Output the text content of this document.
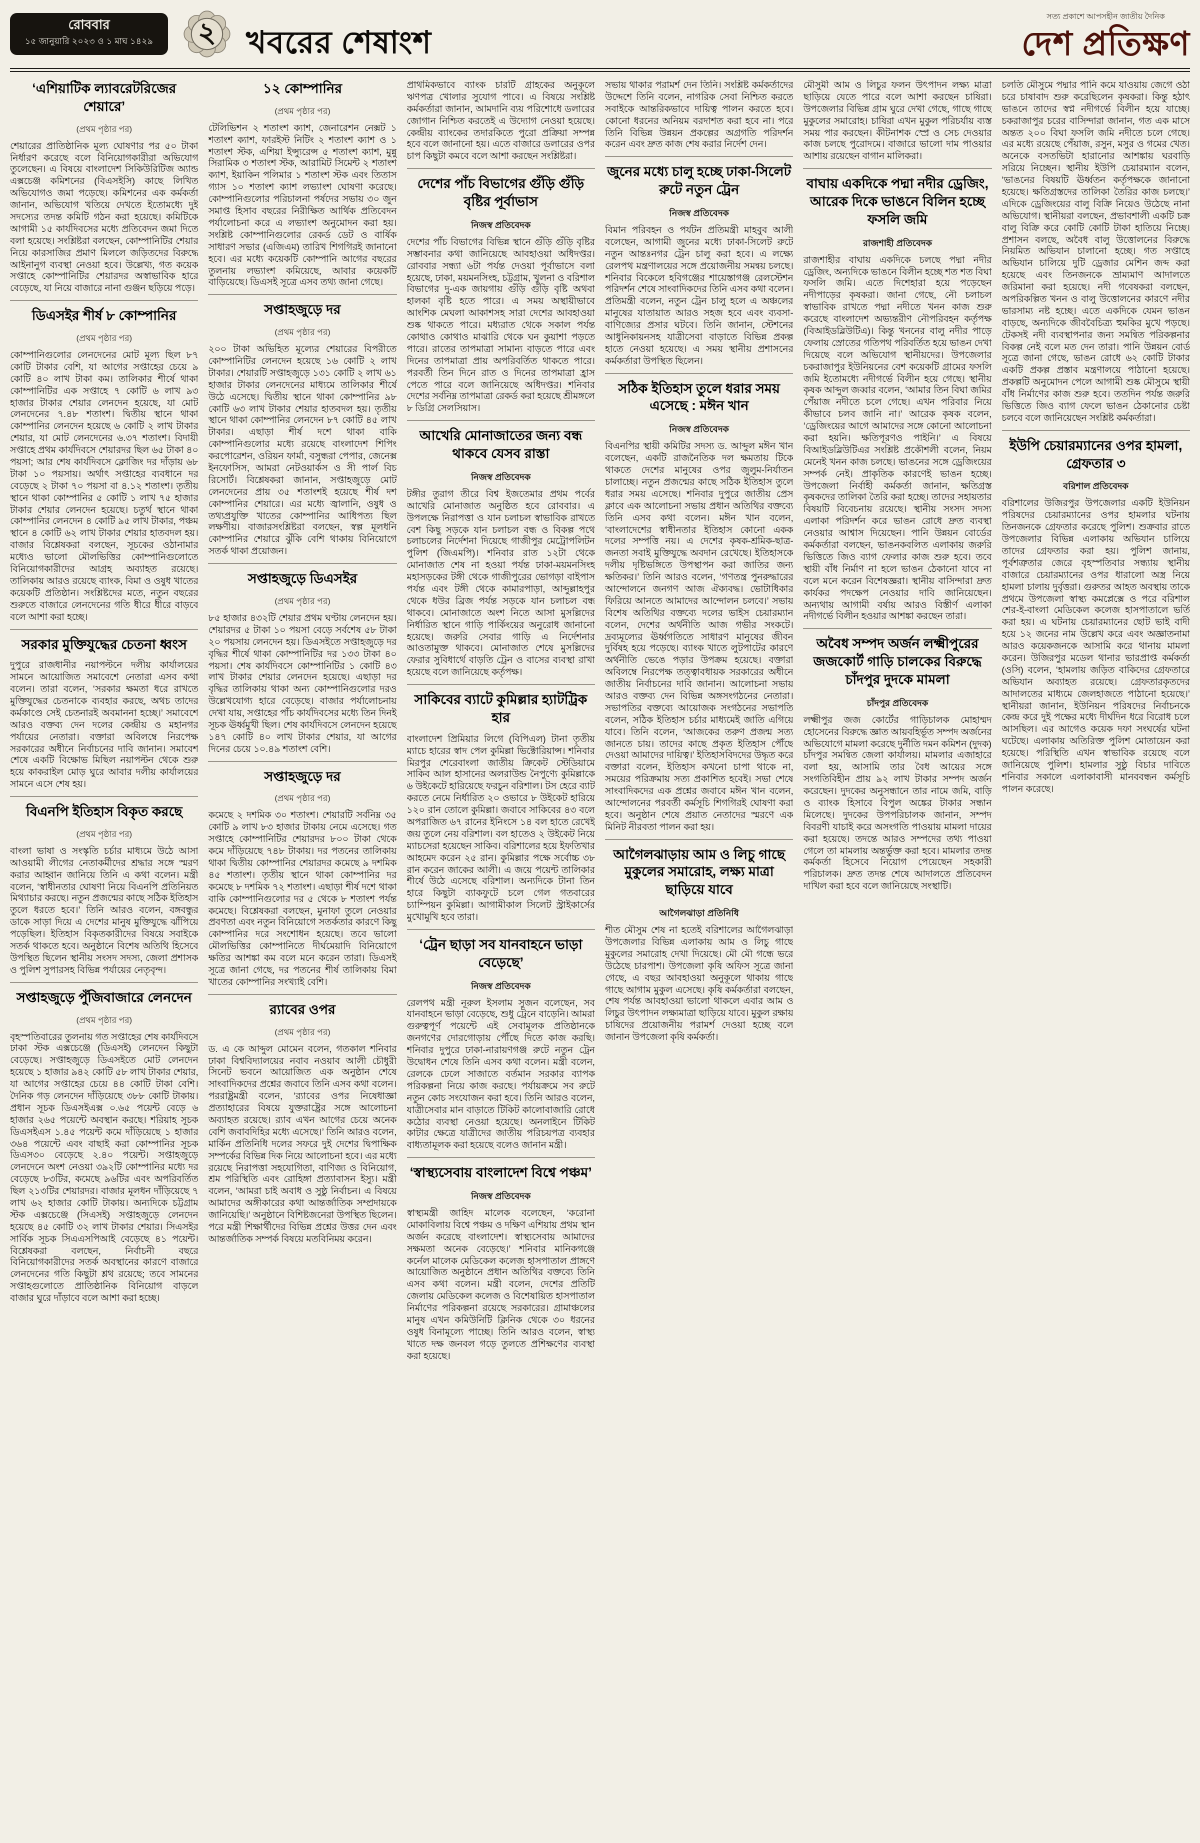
রোববার
১৫ জানুয়ারি ২০২৩ ও ১ মাঘ ১৪২৯	২ খবরের শেষাংশ
সত্য প্রকাশে আপসহীন জাতীয় দৈনিক
দেশ প্রতিক্ষণ
‘এশিয়াটিক ল্যাবরেটরিজের শেয়ারে’
(প্রথম পৃষ্ঠার পর)
শেয়ারের প্রাতিষ্ঠানিক মূল্য ঘোষণার পর ৫০ টাকা নির্ধারণ করেছে বলে বিনিয়োগকারীরা অভিযোগ তুলেছেন। এ বিষয়ে বাংলাদেশ সিকিউরিটিজ অ্যান্ড এক্সচেঞ্জ কমিশনের (বিএসইসি) কাছে লিখিত অভিযোগও জমা পড়েছে। কমিশনের এক কর্মকর্তা জানান, অভিযোগ খতিয়ে দেখতে ইতোমধ্যে দুই সদস্যের তদন্ত কমিটি গঠন করা হয়েছে। কমিটিকে আগামী ১৫ কার্যদিবসের মধ্যে প্রতিবেদন জমা দিতে বলা হয়েছে। সংশ্লিষ্টরা বলছেন, কোম্পানিটির শেয়ার নিয়ে কারসাজির প্রমাণ মিললে জড়িতদের বিরুদ্ধে আইনানুগ ব্যবস্থা নেওয়া হবে। উল্লেখ্য, গত কয়েক সপ্তাহে কোম্পানিটির শেয়ারদর অস্বাভাবিক হারে বেড়েছে, যা নিয়ে বাজারে নানা গুঞ্জন ছড়িয়ে পড়ে।
ডিএসইর শীর্ষ ৮ কোম্পানির
(প্রথম পৃষ্ঠার পর)
কোম্পানিগুলোর লেনদেনের মোট মূল্য ছিল ৮৭ কোটি টাকার বেশি, যা আগের সপ্তাহের চেয়ে ৯ কোটি ৪০ লাখ টাকা কম। তালিকার শীর্ষে থাকা কোম্পানিটির এক সপ্তাহে ৭ কোটি ৬ লাখ ৯৩ হাজার টাকার শেয়ার লেনদেন হয়েছে, যা মোট লেনদেনের ৭.৪৮ শতাংশ। দ্বিতীয় স্থানে থাকা কোম্পানির লেনদেন হয়েছে ৬ কোটি ২ লাখ টাকার শেয়ার, যা মোট লেনদেনের ৬.৩৭ শতাংশ। বিদায়ী সপ্তাহে প্রথম কার্যদিবসে শেয়ারদর ছিল ৬৫ টাকা ৪০ পয়সা; আর শেষ কার্যদিবসে ক্লোজিং দর দাঁড়ায় ৬৮ টাকা ১০ পয়সায়। অর্থাৎ সপ্তাহের ব্যবধানে দর বেড়েছে ২ টাকা ৭০ পয়সা বা ৪.১২ শতাংশ। তৃতীয় স্থানে থাকা কোম্পানির ৫ কোটি ১ লাখ ৭৫ হাজার টাকার শেয়ার লেনদেন হয়েছে। চতুর্থ স্থানে থাকা কোম্পানির লেনদেন ৪ কোটি ৯৫ লাখ টাকার, পঞ্চম স্থানে ৪ কোটি ৬২ লাখ টাকার শেয়ার হাতবদল হয়। বাজার বিশ্লেষকরা বলছেন, সূচকের ওঠানামার মধ্যেও ভালো মৌলভিত্তির কোম্পানিগুলোতে বিনিয়োগকারীদের আগ্রহ অব্যাহত রয়েছে। তালিকায় আরও রয়েছে ব্যাংক, বিমা ও ওষুধ খাতের কয়েকটি প্রতিষ্ঠান। সংশ্লিষ্টদের মতে, নতুন বছরের শুরুতে বাজারে লেনদেনের গতি ধীরে ধীরে বাড়বে বলে আশা করা হচ্ছে।
সরকার মুক্তিযুদ্ধের চেতনা ধ্বংস
দুপুরে রাজধানীর নয়াপল্টনে দলীয় কার্যালয়ের সামনে আয়োজিত সমাবেশে নেতারা এসব কথা বলেন। তারা বলেন, ‘সরকার ক্ষমতা ধরে রাখতে মুক্তিযুদ্ধের চেতনাকে ব্যবহার করছে, অথচ তাদের কর্মকাণ্ডে সেই চেতনারই অবমাননা হচ্ছে।’ সমাবেশে আরও বক্তব্য দেন দলের কেন্দ্রীয় ও মহানগর পর্যায়ের নেতারা। বক্তারা অবিলম্বে নিরপেক্ষ সরকারের অধীনে নির্বাচনের দাবি জানান। সমাবেশ শেষে একটি বিক্ষোভ মিছিল নয়াপল্টন থেকে শুরু হয়ে কাকরাইল মোড় ঘুরে আবার দলীয় কার্যালয়ের সামনে এসে শেষ হয়।
বিএনপি ইতিহাস বিকৃত করছে
(প্রথম পৃষ্ঠার পর)
বাংলা ভাষা ও সংস্কৃতি চর্চার মাধ্যমে উঠে আসা আওয়ামী লীগের নেতাকর্মীদের শ্রদ্ধার সঙ্গে স্মরণ করার আহ্বান জানিয়ে তিনি এ কথা বলেন। মন্ত্রী বলেন, ‘স্বাধীনতার ঘোষণা নিয়ে বিএনপি প্রতিনিয়ত মিথ্যাচার করছে। নতুন প্রজন্মের কাছে সঠিক ইতিহাস তুলে ধরতে হবে।’ তিনি আরও বলেন, বঙ্গবন্ধুর ডাকে সাড়া দিয়ে এ দেশের মানুষ মুক্তিযুদ্ধে ঝাঁপিয়ে পড়েছিল। ইতিহাস বিকৃতকারীদের বিষয়ে সবাইকে সতর্ক থাকতে হবে। অনুষ্ঠানে বিশেষ অতিথি হিসেবে উপস্থিত ছিলেন স্থানীয় সংসদ সদস্য, জেলা প্রশাসক ও পুলিশ সুপারসহ বিভিন্ন পর্যায়ের নেতৃবৃন্দ।
সপ্তাহজুড়ে পুঁজিবাজারে লেনদেন
(প্রথম পৃষ্ঠার পর)
বৃহস্পতিবারের তুলনায় গত সপ্তাহের শেষ কার্যদিবসে ঢাকা স্টক এক্সচেঞ্জে (ডিএসই) লেনদেন কিছুটা বেড়েছে। সপ্তাহজুড়ে ডিএসইতে মোট লেনদেন হয়েছে ১ হাজার ৯৪২ কোটি ৫৮ লাখ টাকার শেয়ার, যা আগের সপ্তাহের চেয়ে ৪৪ কোটি টাকা বেশি। দৈনিক গড় লেনদেন দাঁড়িয়েছে ৩৮৮ কোটি টাকায়। প্রধান সূচক ডিএসইএক্স ০.৬৫ পয়েন্ট বেড়ে ৬ হাজার ২৬৫ পয়েন্টে অবস্থান করছে। শরিয়াহ সূচক ডিএসইএস ১.৪৫ পয়েন্ট কমে দাঁড়িয়েছে ১ হাজার ৩৬৪ পয়েন্টে এবং বাছাই করা কোম্পানির সূচক ডিএস৩০ বেড়েছে ২.৪০ পয়েন্ট। সপ্তাহজুড়ে লেনদেনে অংশ নেওয়া ৩৯২টি কোম্পানির মধ্যে দর বেড়েছে ৮৩টির, কমেছে ৯৬টির এবং অপরিবর্তিত ছিল ২১৩টির শেয়ারদর। বাজার মূলধন দাঁড়িয়েছে ৭ লাখ ৬২ হাজার কোটি টাকায়। অন্যদিকে চট্টগ্রাম স্টক এক্সচেঞ্জে (সিএসই) সপ্তাহজুড়ে লেনদেন হয়েছে ৪৫ কোটি ৩২ লাখ টাকার শেয়ার। সিএসইর সার্বিক সূচক সিএএসপিআই বেড়েছে ৪১ পয়েন্ট। বিশ্লেষকরা বলছেন, নির্বাচনী বছরে বিনিয়োগকারীদের সতর্ক অবস্থানের কারণে বাজারে লেনদেনের গতি কিছুটা শ্লথ রয়েছে; তবে সামনের সপ্তাহগুলোতে প্রাতিষ্ঠানিক বিনিয়োগ বাড়লে বাজার ঘুরে দাঁড়াবে বলে আশা করা হচ্ছে।
১২ কোম্পানির
(প্রথম পৃষ্ঠার পর)
টেলিভিশন ২ শতাংশ ক্যাশ, জেনারেশন নেক্সট ১ শতাংশ ক্যাশ, ফারইস্ট নিটিং ২ শতাংশ ক্যাশ ও ১ শতাংশ স্টক, এশিয়া ইন্স্যুরেন্স ৫ শতাংশ ক্যাশ, মুন্নু সিরামিক ৩ শতাংশ স্টক, আরামিট সিমেন্ট ২ শতাংশ ক্যাশ, ইয়াকিন পলিমার ১ শতাংশ স্টক এবং তিতাস গ্যাস ১০ শতাংশ ক্যাশ লভ্যাংশ ঘোষণা করেছে। কোম্পানিগুলোর পরিচালনা পর্ষদের সভায় ৩০ জুন সমাপ্ত হিসাব বছরের নিরীক্ষিত আর্থিক প্রতিবেদন পর্যালোচনা করে এ লভ্যাংশ অনুমোদন করা হয়। সংশ্লিষ্ট কোম্পানিগুলোর রেকর্ড ডেট ও বার্ষিক সাধারণ সভার (এজিএম) তারিখ শিগগিরই জানানো হবে। এর মধ্যে কয়েকটি কোম্পানি আগের বছরের তুলনায় লভ্যাংশ কমিয়েছে, আবার কয়েকটি বাড়িয়েছে। ডিএসই সূত্রে এসব তথ্য জানা গেছে।
সপ্তাহজুড়ে দর
(প্রথম পৃষ্ঠার পর)
২০০ টাকা অভিহিত মূল্যের শেয়ারের বিপরীতে কোম্পানিটির লেনদেন হয়েছে ১৬ কোটি ২ লাখ টাকার। শেয়ারটি সপ্তাহজুড়ে ১৩১ কোটি ২ লাখ ৬১ হাজার টাকার লেনদেনের মাধ্যমে তালিকার শীর্ষে উঠে এসেছে। দ্বিতীয় স্থানে থাকা কোম্পানির ৯৮ কোটি ৬৩ লাখ টাকার শেয়ার হাতবদল হয়। তৃতীয় স্থানে থাকা কোম্পানির লেনদেন ৮৭ কোটি ৪৫ লাখ টাকার। এছাড়া শীর্ষ দশে থাকা বাকি কোম্পানিগুলোর মধ্যে রয়েছে বাংলাদেশ শিপিং করপোরেশন, ওরিয়ন ফার্মা, বসুন্ধরা পেপার, জেনেক্স ইনফোসিস, আমরা নেটওয়ার্কস ও সী পার্ল বিচ রিসোর্ট। বিশ্লেষকরা জানান, সপ্তাহজুড়ে মোট লেনদেনের প্রায় ৩৫ শতাংশই হয়েছে শীর্ষ দশ কোম্পানির শেয়ারে। এর মধ্যে জ্বালানি, ওষুধ ও তথ্যপ্রযুক্তি খাতের কোম্পানির আধিপত্য ছিল লক্ষণীয়। বাজারসংশ্লিষ্টরা বলছেন, স্বল্প মূলধনি কোম্পানির শেয়ারে ঝুঁকি বেশি থাকায় বিনিয়োগে সতর্ক থাকা প্রয়োজন।
সপ্তাহজুড়ে ডিএসইর
(প্রথম পৃষ্ঠার পর)
৮৫ হাজার ৪৩২টি শেয়ার প্রথম ঘণ্টায় লেনদেন হয়। শেয়ারদর ৫ টাকা ১০ পয়সা বেড়ে সর্বশেষ ৫৮ টাকা ২০ পয়সায় লেনদেন হয়। ডিএসইতে সপ্তাহজুড়ে দর বৃদ্ধির শীর্ষে থাকা কোম্পানিটির দর ১৩৩ টাকা ৪০ পয়সা। শেষ কার্যদিবসে কোম্পানিটির ১ কোটি ৪৩ লাখ টাকার শেয়ার লেনদেন হয়েছে। এছাড়া দর বৃদ্ধির তালিকায় থাকা অন্য কোম্পানিগুলোর দরও উল্লেখযোগ্য হারে বেড়েছে। বাজার পর্যালোচনায় দেখা যায়, সপ্তাহের পাঁচ কার্যদিবসের মধ্যে তিন দিনই সূচক ঊর্ধ্বমুখী ছিল। শেষ কার্যদিবসে লেনদেন হয়েছে ১৪৭ কোটি ৪০ লাখ টাকার শেয়ার, যা আগের দিনের চেয়ে ১০.৪৯ শতাংশ বেশি।
সপ্তাহজুড়ে দর
(প্রথম পৃষ্ঠার পর)
কমেছে ২ দশমিক ৩০ শতাংশ। শেয়ারটি সর্বনিম্ন ৩৫ কোটি ৯ লাখ ৮৩ হাজার টাকায় নেমে এসেছে। গত সপ্তাহে কোম্পানিটির শেয়ারদর ৮০০ টাকা থেকে কমে দাঁড়িয়েছে ৭৪৮ টাকায়। দর পতনের তালিকায় থাকা দ্বিতীয় কোম্পানির শেয়ারদর কমেছে ৯ দশমিক ৪৫ শতাংশ। তৃতীয় স্থানে থাকা কোম্পানির দর কমেছে ৮ দশমিক ৭২ শতাংশ। এছাড়া শীর্ষ দশে থাকা বাকি কোম্পানিগুলোর দর ৫ থেকে ৮ শতাংশ পর্যন্ত কমেছে। বিশ্লেষকরা বলছেন, মুনাফা তুলে নেওয়ার প্রবণতা এবং নতুন বিনিয়োগে সতর্কতার কারণে কিছু কোম্পানির দরে সংশোধন হয়েছে। তবে ভালো মৌলভিত্তির কোম্পানিতে দীর্ঘমেয়াদি বিনিয়োগে ক্ষতির আশঙ্কা কম বলে মনে করেন তারা। ডিএসই সূত্রে জানা গেছে, দর পতনের শীর্ষ তালিকায় বিমা খাতের কোম্পানির সংখ্যাই বেশি।
র‍্যাবের ওপর
(প্রথম পৃষ্ঠার পর)
ড. এ কে আব্দুল মোমেন বলেন, গতকাল শনিবার ঢাকা বিশ্ববিদ্যালয়ের নবাব নওয়াব আলী চৌধুরী সিনেট ভবনে আয়োজিত এক অনুষ্ঠান শেষে সাংবাদিকদের প্রশ্নের জবাবে তিনি এসব কথা বলেন। পররাষ্ট্রমন্ত্রী বলেন, ‘র‍্যাবের ওপর নিষেধাজ্ঞা প্রত্যাহারের বিষয়ে যুক্তরাষ্ট্রের সঙ্গে আলোচনা অব্যাহত রয়েছে। র‍্যাব এখন আগের চেয়ে অনেক বেশি জবাবদিহির মধ্যে এসেছে।’ তিনি আরও বলেন, মার্কিন প্রতিনিধি দলের সফরে দুই দেশের দ্বিপাক্ষিক সম্পর্কের বিভিন্ন দিক নিয়ে আলোচনা হবে। এর মধ্যে রয়েছে নিরাপত্তা সহযোগিতা, বাণিজ্য ও বিনিয়োগ, শ্রম পরিস্থিতি এবং রোহিঙ্গা প্রত্যাবাসন ইস্যু। মন্ত্রী বলেন, ‘আমরা চাই অবাধ ও সুষ্ঠু নির্বাচন। এ বিষয়ে আমাদের অঙ্গীকারের কথা আন্তর্জাতিক সম্প্রদায়কে জানিয়েছি।’ অনুষ্ঠানে বিশিষ্টজনেরা উপস্থিত ছিলেন। পরে মন্ত্রী শিক্ষার্থীদের বিভিন্ন প্রশ্নের উত্তর দেন এবং আন্তর্জাতিক সম্পর্ক বিষয়ে মতবিনিময় করেন।
প্রাথমিকভাবে ব্যাংক চারটি গ্রাহকের অনুকূলে ঋণপত্র খোলার সুযোগ পাবে। এ বিষয়ে সংশ্লিষ্ট কর্মকর্তারা জানান, আমদানি ব্যয় পরিশোধে ডলারের জোগান নিশ্চিত করতেই এ উদ্যোগ নেওয়া হয়েছে। কেন্দ্রীয় ব্যাংকের তদারকিতে পুরো প্রক্রিয়া সম্পন্ন হবে বলে জানানো হয়। এতে বাজারে ডলারের ওপর চাপ কিছুটা কমবে বলে আশা করছেন সংশ্লিষ্টরা।
দেশের পাঁচ বিভাগের গুঁড়ি গুঁড়ি বৃষ্টির পূর্বাভাস
নিজস্ব প্রতিবেদক
দেশের পাঁচ বিভাগের বিভিন্ন স্থানে গুঁড়ি গুঁড়ি বৃষ্টির সম্ভাবনার কথা জানিয়েছে আবহাওয়া অধিদপ্তর। রোববার সন্ধ্যা ৬টা পর্যন্ত দেওয়া পূর্বাভাসে বলা হয়েছে, ঢাকা, ময়মনসিংহ, চট্টগ্রাম, খুলনা ও বরিশাল বিভাগের দু-এক জায়গায় গুঁড়ি গুঁড়ি বৃষ্টি অথবা হালকা বৃষ্টি হতে পারে। এ সময় অস্থায়ীভাবে আংশিক মেঘলা আকাশসহ সারা দেশের আবহাওয়া শুষ্ক থাকতে পারে। মধ্যরাত থেকে সকাল পর্যন্ত কোথাও কোথাও মাঝারি থেকে ঘন কুয়াশা পড়তে পারে। রাতের তাপমাত্রা সামান্য বাড়তে পারে এবং দিনের তাপমাত্রা প্রায় অপরিবর্তিত থাকতে পারে। পরবর্তী তিন দিনে রাত ও দিনের তাপমাত্রা হ্রাস পেতে পারে বলে জানিয়েছে অধিদপ্তর। শনিবার দেশের সর্বনিম্ন তাপমাত্রা রেকর্ড করা হয়েছে শ্রীমঙ্গলে ৮ ডিগ্রি সেলসিয়াস।
আখেরি মোনাজাতের জন্য বন্ধ থাকবে যেসব রাস্তা
নিজস্ব প্রতিবেদক
টঙ্গীর তুরাগ তীরে বিশ্ব ইজতেমার প্রথম পর্বের আখেরি মোনাজাত অনুষ্ঠিত হবে রোববার। এ উপলক্ষে নিরাপত্তা ও যান চলাচল স্বাভাবিক রাখতে বেশ কিছু সড়কে যান চলাচল বন্ধ ও বিকল্প পথে চলাচলের নির্দেশনা দিয়েছে গাজীপুর মেট্রোপলিটন পুলিশ (জিএমপি)। শনিবার রাত ১২টা থেকে মোনাজাত শেষ না হওয়া পর্যন্ত ঢাকা-ময়মনসিংহ মহাসড়কের টঙ্গী থেকে গাজীপুরের ভোগড়া বাইপাস পর্যন্ত এবং টঙ্গী থেকে কামারপাড়া, আব্দুল্লাহপুর থেকে ধউর ব্রিজ পর্যন্ত সড়কে যান চলাচল বন্ধ থাকবে। মোনাজাতে অংশ নিতে আসা মুসল্লিদের নির্ধারিত স্থানে গাড়ি পার্কিংয়ের অনুরোধ জানানো হয়েছে। জরুরি সেবার গাড়ি এ নির্দেশনার আওতামুক্ত থাকবে। মোনাজাত শেষে মুসল্লিদের ফেরার সুবিধার্থে বাড়তি ট্রেন ও বাসের ব্যবস্থা রাখা হয়েছে বলে জানিয়েছে কর্তৃপক্ষ।
সাকিবের ব্যাটে কুমিল্লার হ্যাটট্রিক হার
বাংলাদেশ প্রিমিয়ার লিগে (বিপিএল) টানা তৃতীয় ম্যাচে হারের স্বাদ পেল কুমিল্লা ভিক্টোরিয়ান্স। শনিবার মিরপুর শেরেবাংলা জাতীয় ক্রিকেট স্টেডিয়ামে সাকিব আল হাসানের অলরাউন্ড নৈপুণ্যে কুমিল্লাকে ৬ উইকেটে হারিয়েছে ফরচুন বরিশাল। টস হেরে ব্যাট করতে নেমে নির্ধারিত ২০ ওভারে ৮ উইকেট হারিয়ে ১২০ রান তোলে কুমিল্লা। জবাবে সাকিবের ৪৩ বলে অপরাজিত ৬৭ রানের ইনিংসে ১৪ বল হাতে রেখেই জয় তুলে নেয় বরিশাল। বল হাতেও ২ উইকেট নিয়ে ম্যাচসেরা হয়েছেন সাকিব। বরিশালের হয়ে ইফতিখার আহমেদ করেন ২৫ রান। কুমিল্লার পক্ষে সর্বোচ্চ ৩৮ রান করেন জাকের আলী। এ জয়ে পয়েন্ট তালিকার শীর্ষে উঠে এসেছে বরিশাল। অন্যদিকে টানা তিন হারে কিছুটা ব্যাকফুটে চলে গেল গতবারের চ্যাম্পিয়ন কুমিল্লা। আগামীকাল সিলেট স্ট্রাইকার্সের মুখোমুখি হবে তারা।
‘ট্রেন ছাড়া সব যানবাহনে ভাড়া বেড়েছে’
নিজস্ব প্রতিবেদক
রেলপথ মন্ত্রী নূরুল ইসলাম সুজন বলেছেন, সব যানবাহনে ভাড়া বেড়েছে, শুধু ট্রেনে বাড়েনি। আমরা গুরুত্বপূর্ণ পয়েন্টে এই সেবামূলক প্রতিষ্ঠানকে জনগণের দোরগোড়ায় পৌঁছে দিতে কাজ করছি। শনিবার দুপুরে ঢাকা-নারায়ণগঞ্জ রুটে নতুন ট্রেন উদ্বোধন শেষে তিনি এসব কথা বলেন। মন্ত্রী বলেন, রেলকে ঢেলে সাজাতে বর্তমান সরকার ব্যাপক পরিকল্পনা নিয়ে কাজ করছে। পর্যায়ক্রমে সব রুটে নতুন কোচ সংযোজন করা হবে। তিনি আরও বলেন, যাত্রীসেবার মান বাড়াতে টিকিট কালোবাজারি রোধে কঠোর ব্যবস্থা নেওয়া হয়েছে। অনলাইনে টিকিট কাটার ক্ষেত্রে যাত্রীদের জাতীয় পরিচয়পত্র ব্যবহার বাধ্যতামূলক করা হয়েছে বলেও জানান মন্ত্রী।
‘স্বাস্থ্যসেবায় বাংলাদেশ বিশ্বে পঞ্চম’
নিজস্ব প্রতিবেদক
স্বাস্থ্যমন্ত্রী জাহিদ মালেক বলেছেন, ‘করোনা মোকাবিলায় বিশ্বে পঞ্চম ও দক্ষিণ এশিয়ায় প্রথম স্থান অর্জন করেছে বাংলাদেশ। স্বাস্থ্যসেবায় আমাদের সক্ষমতা অনেক বেড়েছে।’ শনিবার মানিকগঞ্জে কর্নেল মালেক মেডিকেল কলেজ হাসপাতাল প্রাঙ্গণে আয়োজিত অনুষ্ঠানে প্রধান অতিথির বক্তব্যে তিনি এসব কথা বলেন। মন্ত্রী বলেন, দেশের প্রতিটি জেলায় মেডিকেল কলেজ ও বিশেষায়িত হাসপাতাল নির্মাণের পরিকল্পনা রয়েছে সরকারের। গ্রামাঞ্চলের মানুষ এখন কমিউনিটি ক্লিনিক থেকে ৩০ ধরনের ওষুধ বিনামূল্যে পাচ্ছে। তিনি আরও বলেন, স্বাস্থ্য খাতে দক্ষ জনবল গড়ে তুলতে প্রশিক্ষণের ব্যবস্থা করা হয়েছে।
সভায় থাকার পরামর্শ দেন তিনি। সংশ্লিষ্ট কর্মকর্তাদের উদ্দেশে তিনি বলেন, নাগরিক সেবা নিশ্চিত করতে সবাইকে আন্তরিকভাবে দায়িত্ব পালন করতে হবে। কোনো ধরনের অনিয়ম বরদাশত করা হবে না। পরে তিনি বিভিন্ন উন্নয়ন প্রকল্পের অগ্রগতি পরিদর্শন করেন এবং দ্রুত কাজ শেষ করার নির্দেশ দেন।
জুনের মধ্যে চালু হচ্ছে ঢাকা-সিলেট রুটে নতুন ট্রেন
নিজস্ব প্রতিবেদক
বিমান পরিবহন ও পর্যটন প্রতিমন্ত্রী মাহবুব আলী বলেছেন, আগামী জুনের মধ্যে ঢাকা-সিলেট রুটে নতুন আন্তঃনগর ট্রেন চালু করা হবে। এ লক্ষ্যে রেলপথ মন্ত্রণালয়ের সঙ্গে প্রয়োজনীয় সমন্বয় চলছে। শনিবার বিকেলে হবিগঞ্জের শায়েস্তাগঞ্জ রেলস্টেশন পরিদর্শন শেষে সাংবাদিকদের তিনি এসব কথা বলেন। প্রতিমন্ত্রী বলেন, নতুন ট্রেন চালু হলে এ অঞ্চলের মানুষের যাতায়াত আরও সহজ হবে এবং ব্যবসা-বাণিজ্যের প্রসার ঘটবে। তিনি জানান, স্টেশনের আধুনিকায়নসহ যাত্রীসেবা বাড়াতে বিভিন্ন প্রকল্প হাতে নেওয়া হয়েছে। এ সময় স্থানীয় প্রশাসনের কর্মকর্তারা উপস্থিত ছিলেন।
সঠিক ইতিহাস তুলে ধরার সময় এসেছে : মঈন খান
নিজস্ব প্রতিবেদক
বিএনপির স্থায়ী কমিটির সদস্য ড. আব্দুল মঈন খান বলেছেন, একটি রাজনৈতিক দল ক্ষমতায় টিকে থাকতে দেশের মানুষের ওপর জুলুম-নির্যাতন চালাচ্ছে। নতুন প্রজন্মের কাছে সঠিক ইতিহাস তুলে ধরার সময় এসেছে। শনিবার দুপুরে জাতীয় প্রেস ক্লাবে এক আলোচনা সভায় প্রধান অতিথির বক্তব্যে তিনি এসব কথা বলেন। মঈন খান বলেন, ‘বাংলাদেশের স্বাধীনতার ইতিহাস কোনো একক দলের সম্পত্তি নয়। এ দেশের কৃষক-শ্রমিক-ছাত্র-জনতা সবাই মুক্তিযুদ্ধে অবদান রেখেছে। ইতিহাসকে দলীয় দৃষ্টিভঙ্গিতে উপস্থাপন করা জাতির জন্য ক্ষতিকর।’ তিনি আরও বলেন, ‘গণতন্ত্র পুনরুদ্ধারের আন্দোলনে জনগণ আজ ঐক্যবদ্ধ। ভোটাধিকার ফিরিয়ে আনতে আমাদের আন্দোলন চলবে।’ সভায় বিশেষ অতিথির বক্তব্যে দলের ভাইস চেয়ারম্যান বলেন, দেশের অর্থনীতি আজ গভীর সংকটে। দ্রব্যমূল্যের ঊর্ধ্বগতিতে সাধারণ মানুষের জীবন দুর্বিষহ হয়ে পড়েছে। ব্যাংক খাতে লুটপাটের কারণে অর্থনীতি ভেঙে পড়ার উপক্রম হয়েছে। বক্তারা অবিলম্বে নিরপেক্ষ তত্ত্বাবধায়ক সরকারের অধীনে জাতীয় নির্বাচনের দাবি জানান। আলোচনা সভায় আরও বক্তব্য দেন বিভিন্ন অঙ্গসংগঠনের নেতারা। সভাপতির বক্তব্যে আয়োজক সংগঠনের সভাপতি বলেন, সঠিক ইতিহাস চর্চার মাধ্যমেই জাতি এগিয়ে যাবে। তিনি বলেন, ‘আজকের তরুণ প্রজন্ম সত্য জানতে চায়। তাদের কাছে প্রকৃত ইতিহাস পৌঁছে দেওয়া আমাদের দায়িত্ব।’ ইতিহাসবিদদের উদ্ধৃত করে বক্তারা বলেন, ইতিহাস কখনো চাপা থাকে না, সময়ের পরিক্রমায় সত্য প্রকাশিত হবেই। সভা শেষে সাংবাদিকদের এক প্রশ্নের জবাবে মঈন খান বলেন, আন্দোলনের পরবর্তী কর্মসূচি শিগগিরই ঘোষণা করা হবে। অনুষ্ঠান শেষে প্রয়াত নেতাদের স্মরণে এক মিনিট নীরবতা পালন করা হয়।
আগৈলঝাড়ায় আম ও লিচু গাছে মুকুলের সমারোহ, লক্ষ্য মাত্রা ছাড়িয়ে যাবে
আগৈলঝাড়া প্রতিনিধি
শীত মৌসুম শেষ না হতেই বরিশালের আগৈলঝাড়া উপজেলার বিভিন্ন এলাকায় আম ও লিচু গাছে মুকুলের সমারোহ দেখা দিয়েছে। মৌ মৌ গন্ধে ভরে উঠেছে চারপাশ। উপজেলা কৃষি অফিস সূত্রে জানা গেছে, এ বছর আবহাওয়া অনুকূলে থাকায় গাছে গাছে আগাম মুকুল এসেছে। কৃষি কর্মকর্তারা বলছেন, শেষ পর্যন্ত আবহাওয়া ভালো থাকলে এবার আম ও লিচুর উৎপাদন লক্ষ্যমাত্রা ছাড়িয়ে যাবে। মুকুল রক্ষায় চাষিদের প্রয়োজনীয় পরামর্শ দেওয়া হচ্ছে বলে জানান উপজেলা কৃষি কর্মকর্তা।
মৌসুমী আম ও লিচুর ফলন উৎপাদন লক্ষ্য মাত্রা ছাড়িয়ে যেতে পারে বলে আশা করছেন চাষিরা। উপজেলার বিভিন্ন গ্রাম ঘুরে দেখা গেছে, গাছে গাছে মুকুলের সমারোহ। চাষিরা এখন মুকুল পরিচর্যায় ব্যস্ত সময় পার করছেন। কীটনাশক স্প্রে ও সেচ দেওয়ার কাজ চলছে পুরোদমে। বাজারে ভালো দাম পাওয়ার আশায় রয়েছেন বাগান মালিকরা।
বাঘায় একদিকে পদ্মা নদীর ড্রেজিং, আরেক দিকে ভাঙনে বিলিন হচ্ছে ফসলি জমি
রাজশাহী প্রতিবেদক
রাজশাহীর বাঘায় একদিকে চলছে পদ্মা নদীর ড্রেজিং, অন্যদিকে ভাঙনে বিলীন হচ্ছে শত শত বিঘা ফসলি জমি। এতে দিশেহারা হয়ে পড়েছেন নদীপাড়ের কৃষকরা। জানা গেছে, নৌ চলাচল স্বাভাবিক রাখতে পদ্মা নদীতে খনন কাজ শুরু করেছে বাংলাদেশ অভ্যন্তরীণ নৌপরিবহন কর্তৃপক্ষ (বিআইডব্লিউটিএ)। কিন্তু খননের বালু নদীর পাড়ে ফেলায় স্রোতের গতিপথ পরিবর্তিত হয়ে ভাঙন দেখা দিয়েছে বলে অভিযোগ স্থানীয়দের। উপজেলার চকরাজাপুর ইউনিয়নের বেশ কয়েকটি গ্রামের ফসলি জমি ইতোমধ্যে নদীগর্ভে বিলীন হয়ে গেছে। স্থানীয় কৃষক আব্দুল জব্বার বলেন, ‘আমার তিন বিঘা জমির পেঁয়াজ নদীতে চলে গেছে। এখন পরিবার নিয়ে কীভাবে চলব জানি না।’ আরেক কৃষক বলেন, ‘ড্রেজিংয়ের আগে আমাদের সঙ্গে কোনো আলোচনা করা হয়নি। ক্ষতিপূরণও পাইনি।’ এ বিষয়ে বিআইডব্লিউটিএর সংশ্লিষ্ট প্রকৌশলী বলেন, নিয়ম মেনেই খনন কাজ চলছে। ভাঙনের সঙ্গে ড্রেজিংয়ের সম্পর্ক নেই। প্রাকৃতিক কারণেই ভাঙন হচ্ছে। উপজেলা নির্বাহী কর্মকর্তা জানান, ক্ষতিগ্রস্ত কৃষকদের তালিকা তৈরি করা হচ্ছে। তাদের সহায়তার বিষয়টি বিবেচনায় রয়েছে। স্থানীয় সংসদ সদস্য এলাকা পরিদর্শন করে ভাঙন রোধে দ্রুত ব্যবস্থা নেওয়ার আশ্বাস দিয়েছেন। পানি উন্নয়ন বোর্ডের কর্মকর্তারা বলছেন, ভাঙনকবলিত এলাকায় জরুরি ভিত্তিতে জিও ব্যাগ ফেলার কাজ শুরু হবে। তবে স্থায়ী বাঁধ নির্মাণ না হলে ভাঙন ঠেকানো যাবে না বলে মনে করেন বিশেষজ্ঞরা। স্থানীয় বাসিন্দারা দ্রুত কার্যকর পদক্ষেপ নেওয়ার দাবি জানিয়েছেন। অন্যথায় আগামী বর্ষায় আরও বিস্তীর্ণ এলাকা নদীগর্ভে বিলীন হওয়ার আশঙ্কা করছেন তারা।
অবৈধ সম্পদ অর্জন লক্ষ্মীপুরের জজকোর্ট গাড়ি চালকের বিরুদ্ধে চাঁদপুর দুদকে মামলা
চাঁদপুর প্রতিবেদক
লক্ষ্মীপুর জজ কোর্টের গাড়িচালক মোহাম্মদ হোসেনের বিরুদ্ধে জ্ঞাত আয়বহির্ভূত সম্পদ অর্জনের অভিযোগে মামলা করেছে দুর্নীতি দমন কমিশন (দুদক) চাঁদপুর সমন্বিত জেলা কার্যালয়। মামলার এজাহারে বলা হয়, আসামি তার বৈধ আয়ের সঙ্গে সংগতিবিহীন প্রায় ৯২ লাখ টাকার সম্পদ অর্জন করেছেন। দুদকের অনুসন্ধানে তার নামে জমি, বাড়ি ও ব্যাংক হিসাবে বিপুল অঙ্কের টাকার সন্ধান মিলেছে। দুদকের উপপরিচালক জানান, সম্পদ বিবরণী যাচাই করে অসংগতি পাওয়ায় মামলা দায়ের করা হয়েছে। তদন্তে আরও সম্পদের তথ্য পাওয়া গেলে তা মামলায় অন্তর্ভুক্ত করা হবে। মামলার তদন্ত কর্মকর্তা হিসেবে নিয়োগ পেয়েছেন সহকারী পরিচালক। দ্রুত তদন্ত শেষে আদালতে প্রতিবেদন দাখিল করা হবে বলে জানিয়েছে সংস্থাটি।
চলতি মৌসুমে পদ্মার পানি কমে যাওয়ায় জেগে ওঠা চরে চাষাবাদ শুরু করেছিলেন কৃষকরা। কিন্তু হঠাৎ ভাঙনে তাদের স্বপ্ন নদীগর্ভে বিলীন হয়ে যাচ্ছে। চকরাজাপুর চরের বাসিন্দারা জানান, গত এক মাসে অন্তত ২০০ বিঘা ফসলি জমি নদীতে চলে গেছে। এর মধ্যে রয়েছে পেঁয়াজ, রসুন, মসুর ও গমের খেত। অনেকে বসতভিটা হারানোর আশঙ্কায় ঘরবাড়ি সরিয়ে নিচ্ছেন। স্থানীয় ইউপি চেয়ারম্যান বলেন, ‘ভাঙনের বিষয়টি ঊর্ধ্বতন কর্তৃপক্ষকে জানানো হয়েছে। ক্ষতিগ্রস্তদের তালিকা তৈরির কাজ চলছে।’ এদিকে ড্রেজিংয়ের বালু বিক্রি নিয়েও উঠেছে নানা অভিযোগ। স্থানীয়রা বলছেন, প্রভাবশালী একটি চক্র বালু বিক্রি করে কোটি কোটি টাকা হাতিয়ে নিচ্ছে। প্রশাসন বলছে, অবৈধ বালু উত্তোলনের বিরুদ্ধে নিয়মিত অভিযান চালানো হচ্ছে। গত সপ্তাহে অভিযান চালিয়ে দুটি ড্রেজার মেশিন জব্দ করা হয়েছে এবং তিনজনকে ভ্রাম্যমাণ আদালতে জরিমানা করা হয়েছে। নদী গবেষকরা বলছেন, অপরিকল্পিত খনন ও বালু উত্তোলনের কারণে নদীর ভারসাম্য নষ্ট হচ্ছে। এতে একদিকে যেমন ভাঙন বাড়ছে, অন্যদিকে জীববৈচিত্র্য হুমকির মুখে পড়ছে। টেকসই নদী ব্যবস্থাপনার জন্য সমন্বিত পরিকল্পনার বিকল্প নেই বলে মত দেন তারা। পানি উন্নয়ন বোর্ড সূত্রে জানা গেছে, ভাঙন রোধে ৬২ কোটি টাকার একটি প্রকল্প প্রস্তাব মন্ত্রণালয়ে পাঠানো হয়েছে। প্রকল্পটি অনুমোদন পেলে আগামী শুষ্ক মৌসুমে স্থায়ী বাঁধ নির্মাণের কাজ শুরু হবে। ততদিন পর্যন্ত জরুরি ভিত্তিতে জিও ব্যাগ ফেলে ভাঙন ঠেকানোর চেষ্টা চলবে বলে জানিয়েছেন সংশ্লিষ্ট কর্মকর্তারা।
ইউপি চেয়ারম্যানের ওপর হামলা, গ্রেফতার ৩
বরিশাল প্রতিবেদক
বরিশালের উজিরপুর উপজেলার একটি ইউনিয়ন পরিষদের চেয়ারম্যানের ওপর হামলার ঘটনায় তিনজনকে গ্রেফতার করেছে পুলিশ। শুক্রবার রাতে উপজেলার বিভিন্ন এলাকায় অভিযান চালিয়ে তাদের গ্রেফতার করা হয়। পুলিশ জানায়, পূর্বশত্রুতার জেরে বৃহস্পতিবার সন্ধ্যায় স্থানীয় বাজারে চেয়ারম্যানের ওপর ধারালো অস্ত্র নিয়ে হামলা চালায় দুর্বৃত্তরা। গুরুতর আহত অবস্থায় তাকে প্রথমে উপজেলা স্বাস্থ্য কমপ্লেক্সে ও পরে বরিশাল শের-ই-বাংলা মেডিকেল কলেজ হাসপাতালে ভর্তি করা হয়। এ ঘটনায় চেয়ারম্যানের ছোট ভাই বাদী হয়ে ১২ জনের নাম উল্লেখ করে এবং অজ্ঞাতনামা আরও কয়েকজনকে আসামি করে থানায় মামলা করেন। উজিরপুর মডেল থানার ভারপ্রাপ্ত কর্মকর্তা (ওসি) বলেন, ‘হামলায় জড়িত বাকিদের গ্রেফতারে অভিযান অব্যাহত রয়েছে। গ্রেফতারকৃতদের আদালতের মাধ্যমে জেলহাজতে পাঠানো হয়েছে।’ স্থানীয়রা জানান, ইউনিয়ন পরিষদের নির্বাচনকে কেন্দ্র করে দুই পক্ষের মধ্যে দীর্ঘদিন ধরে বিরোধ চলে আসছিল। এর আগেও কয়েক দফা সংঘর্ষের ঘটনা ঘটেছে। এলাকায় অতিরিক্ত পুলিশ মোতায়েন করা হয়েছে। পরিস্থিতি এখন স্বাভাবিক রয়েছে বলে জানিয়েছে পুলিশ। হামলার সুষ্ঠু বিচার দাবিতে শনিবার সকালে এলাকাবাসী মানববন্ধন কর্মসূচি পালন করেছে।
